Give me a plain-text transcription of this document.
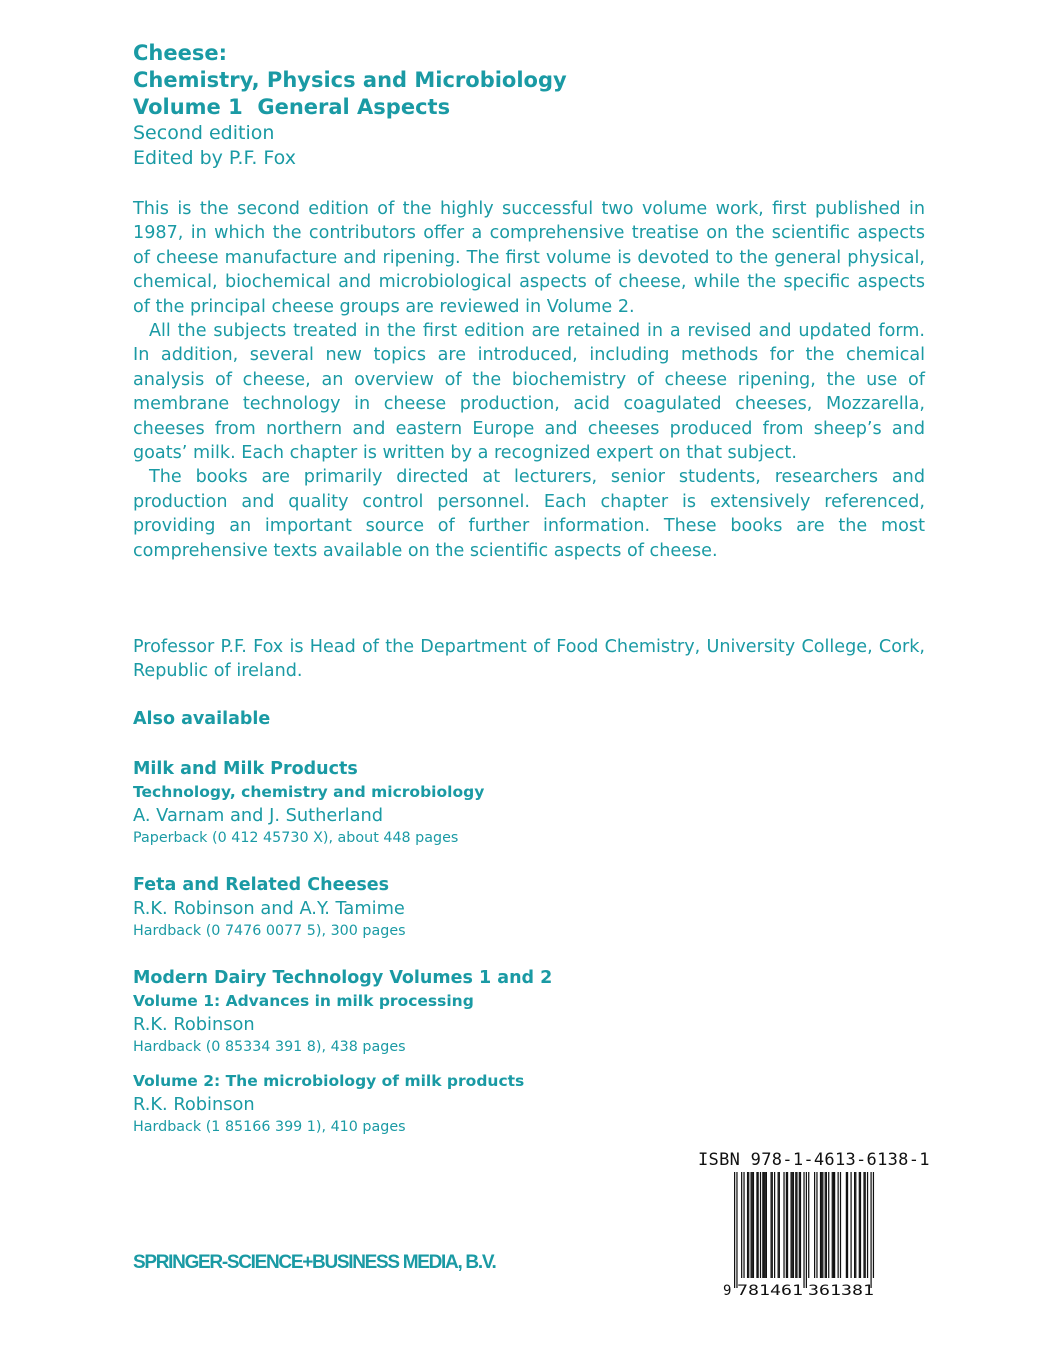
Cheese:

Chemistry, Physics and Microbiology

Volume 1  General Aspects

Second edition

Edited by P.F. Fox

This is the second edition of the highly successful two volume work, first published in 1987, in which the contributors offer a comprehensive treatise on the scientific aspects of cheese manufacture and ripening. The first volume is devoted to the general physical, chemical, biochemical and microbiological aspects of cheese, while the specific aspects of the principal cheese groups are reviewed in Volume 2.

All the subjects treated in the first edition are retained in a revised and updated form. In addition, several new topics are introduced, including methods for the chemical analysis of cheese, an overview of the biochemistry of cheese ripening, the use of membrane technology in cheese production, acid coagulated cheeses, Mozzarella, cheeses from northern and eastern Europe and cheeses produced from sheep’s and goats’ milk. Each chapter is written by a recognized expert on that subject.

The books are primarily directed at lecturers, senior students, researchers and production and quality control personnel. Each chapter is extensively referenced, providing an important source of further information. These books are the most comprehensive texts available on the scientific aspects of cheese.

Professor P.F. Fox is Head of the Department of Food Chemistry, University College, Cork, Republic of ireland.

Also available

Milk and Milk Products

Technology, chemistry and microbiology

A. Varnam and J. Sutherland

Paperback (0 412 45730 X), about 448 pages

Feta and Related Cheeses

R.K. Robinson and A.Y. Tamime

Hardback (0 7476 0077 5), 300 pages

Modern Dairy Technology Volumes 1 and 2

Volume 1: Advances in milk processing

R.K. Robinson

Hardback (0 85334 391 8), 438 pages

Volume 2: The microbiology of milk products

R.K. Robinson

Hardback (1 85166 399 1), 410 pages

SPRINGER-SCIENCE+BUSINESS MEDIA, B.V.

ISBN 978-1-4613-6138-1

9 781461 361381
